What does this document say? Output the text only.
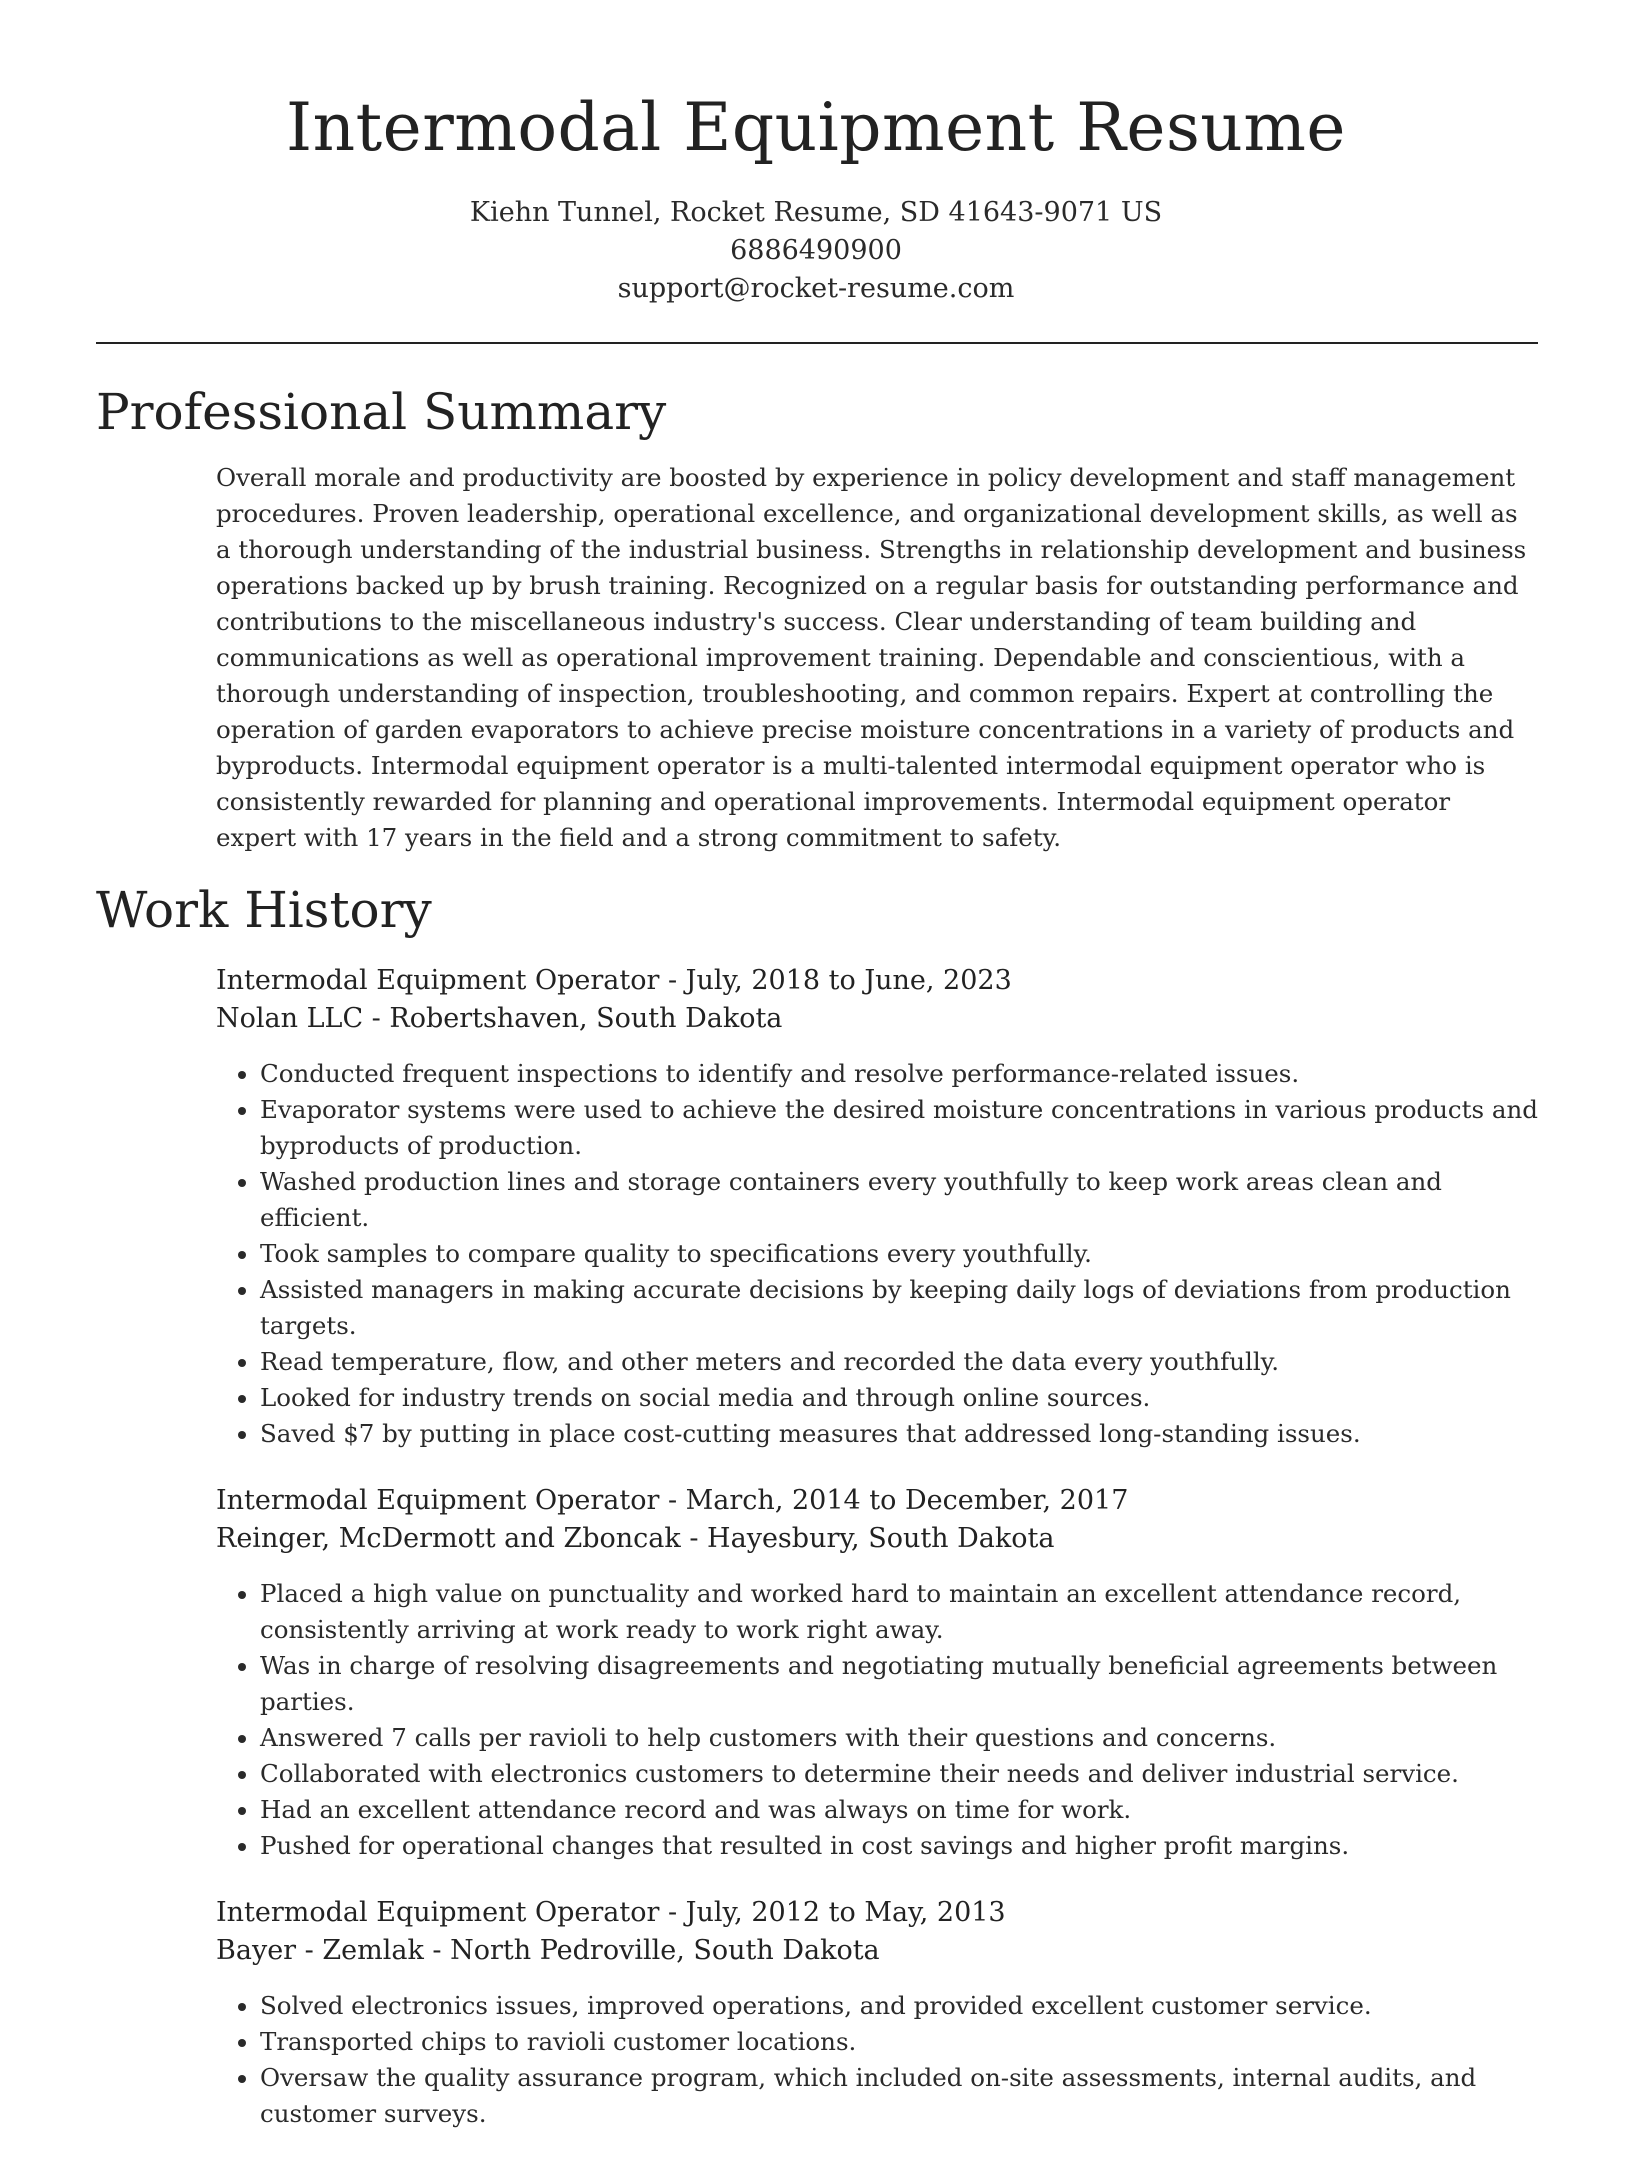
Intermodal Equipment Resume
Kiehn Tunnel, Rocket Resume, SD 41643-9071 US
6886490900
support@rocket-resume.com
Professional Summary

Overall morale and productivity are boosted by experience in policy development and staff management procedures. Proven leadership, operational excellence, and organizational development skills, as well as a thorough understanding of the industrial business. Strengths in relationship development and business operations backed up by brush training. Recognized on a regular basis for outstanding performance and contributions to the miscellaneous industry's success. Clear understanding of team building and communications as well as operational improvement training. Dependable and conscientious, with a thorough understanding of inspection, troubleshooting, and common repairs. Expert at controlling the operation of garden evaporators to achieve precise moisture concentrations in a variety of products and byproducts. Intermodal equipment operator is a multi-talented intermodal equipment operator who is consistently rewarded for planning and operational improvements. Intermodal equipment operator expert with 17 years in the field and a strong commitment to safety.

Work History
Intermodal Equipment Operator - July, 2018 to June, 2023
Nolan LLC - Robertshaven, South Dakota
• Conducted frequent inspections to identify and resolve performance-related issues.
• Evaporator systems were used to achieve the desired moisture concentrations in various products and byproducts of production.
• Washed production lines and storage containers every youthfully to keep work areas clean and efficient.
• Took samples to compare quality to specifications every youthfully.
• Assisted managers in making accurate decisions by keeping daily logs of deviations from production targets.
• Read temperature, flow, and other meters and recorded the data every youthfully.
• Looked for industry trends on social media and through online sources.
• Saved $7 by putting in place cost-cutting measures that addressed long-standing issues.
Intermodal Equipment Operator - March, 2014 to December, 2017
Reinger, McDermott and Zboncak - Hayesbury, South Dakota
• Placed a high value on punctuality and worked hard to maintain an excellent attendance record, consistently arriving at work ready to work right away.
• Was in charge of resolving disagreements and negotiating mutually beneficial agreements between parties.
• Answered 7 calls per ravioli to help customers with their questions and concerns.
• Collaborated with electronics customers to determine their needs and deliver industrial service.
• Had an excellent attendance record and was always on time for work.
• Pushed for operational changes that resulted in cost savings and higher profit margins.
Intermodal Equipment Operator - July, 2012 to May, 2013
Bayer - Zemlak - North Pedroville, South Dakota
• Solved electronics issues, improved operations, and provided excellent customer service.
• Transported chips to ravioli customer locations.
• Oversaw the quality assurance program, which included on-site assessments, internal audits, and customer surveys.
